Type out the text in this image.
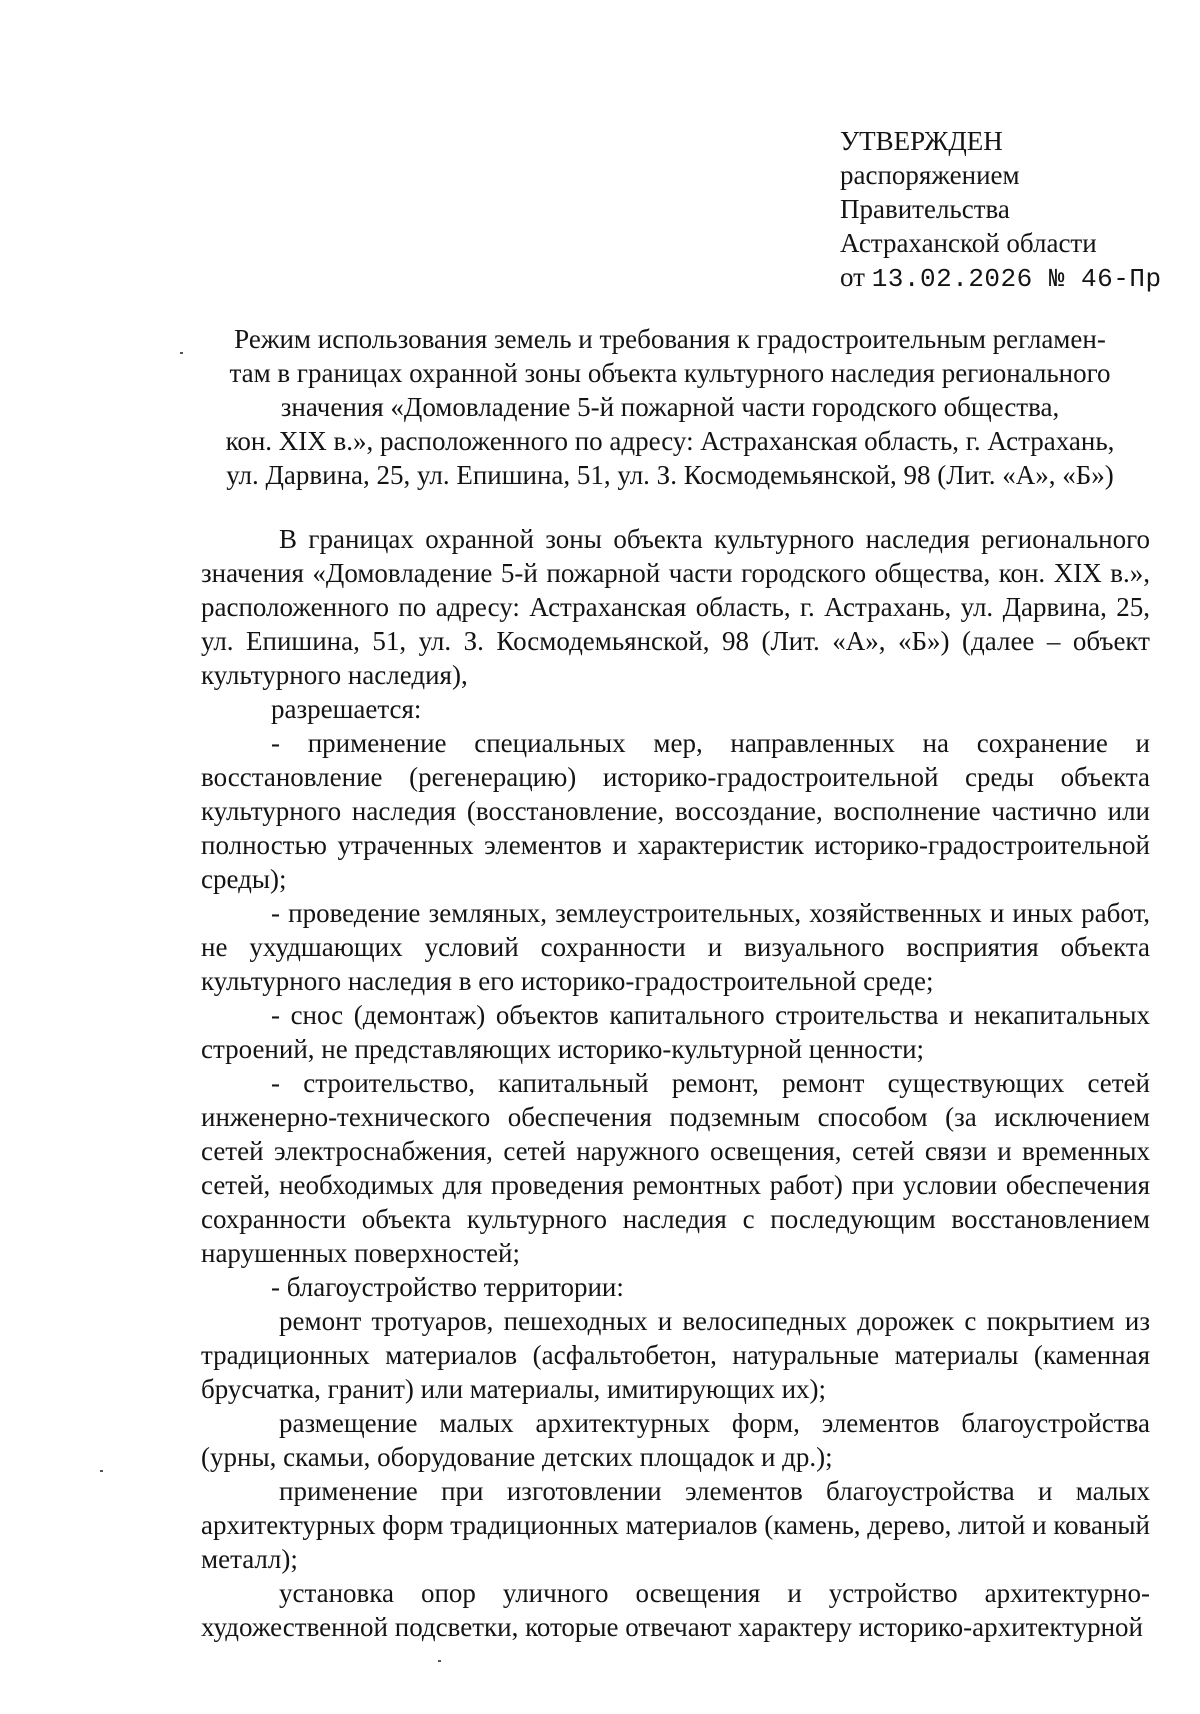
УТВЕРЖДЕН
распоряжением
Правительства
Астраханской области
от 13.02.2026 № 46-Пр
Режим использования земель и требования к градостроительным регламен-
там в границах охранной зоны объекта культурного наследия регионального
значения «Домовладение 5-й пожарной части городского общества,
кон. XIX в.», расположенного по адресу: Астраханская область, г. Астрахань,
ул. Дарвина, 25, ул. Епишина, 51, ул. З. Космодемьянской, 98 (Лит. «А», «Б»)

В границах охранной зоны объекта культурного наследия регионального значения «Домовладение 5-й пожарной части городского общества, кон. XIX в.», расположенного по адресу: Астраханская область, г. Астрахань, ул. Дарвина, 25, ул. Епишина, 51, ул. З. Космодемьянской, 98 (Лит. «А», «Б») (далее – объект культурного наследия),

разрешается:

- применение специальных мер, направленных на сохранение и восстановление (регенерацию) историко-градостроительной среды объекта культурного наследия (восстановление, воссоздание, восполнение частично или полностью утраченных элементов и характеристик историко-градостроительной среды);

- проведение земляных, землеустроительных, хозяйственных и иных работ, не ухудшающих условий сохранности и визуального восприятия объекта культурного наследия в его историко-градостроительной среде;

- снос (демонтаж) объектов капитального строительства и некапитальных строений, не представляющих историко-культурной ценности;

- строительство, капитальный ремонт, ремонт существующих сетей инженерно-технического обеспечения подземным способом (за исключением сетей электроснабжения, сетей наружного освещения, сетей связи и временных сетей, необходимых для проведения ремонтных работ) при условии обеспечения сохранности объекта культурного наследия с последующим восстановлением нарушенных поверхностей;

- благоустройство территории:

ремонт тротуаров, пешеходных и велосипедных дорожек с покрытием из традиционных материалов (асфальтобетон, натуральные материалы (каменная брусчатка, гранит) или материалы, имитирующих их);

размещение малых архитектурных форм, элементов благоустройства (урны, скамьи, оборудование детских площадок и др.);

применение при изготовлении элементов благоустройства и малых архитектурных форм традиционных материалов (камень, дерево, литой и кованый металл);

установка опор уличного освещения и устройство архитектурно-художественной подсветки, которые отвечают характеру историко-архитектурной
